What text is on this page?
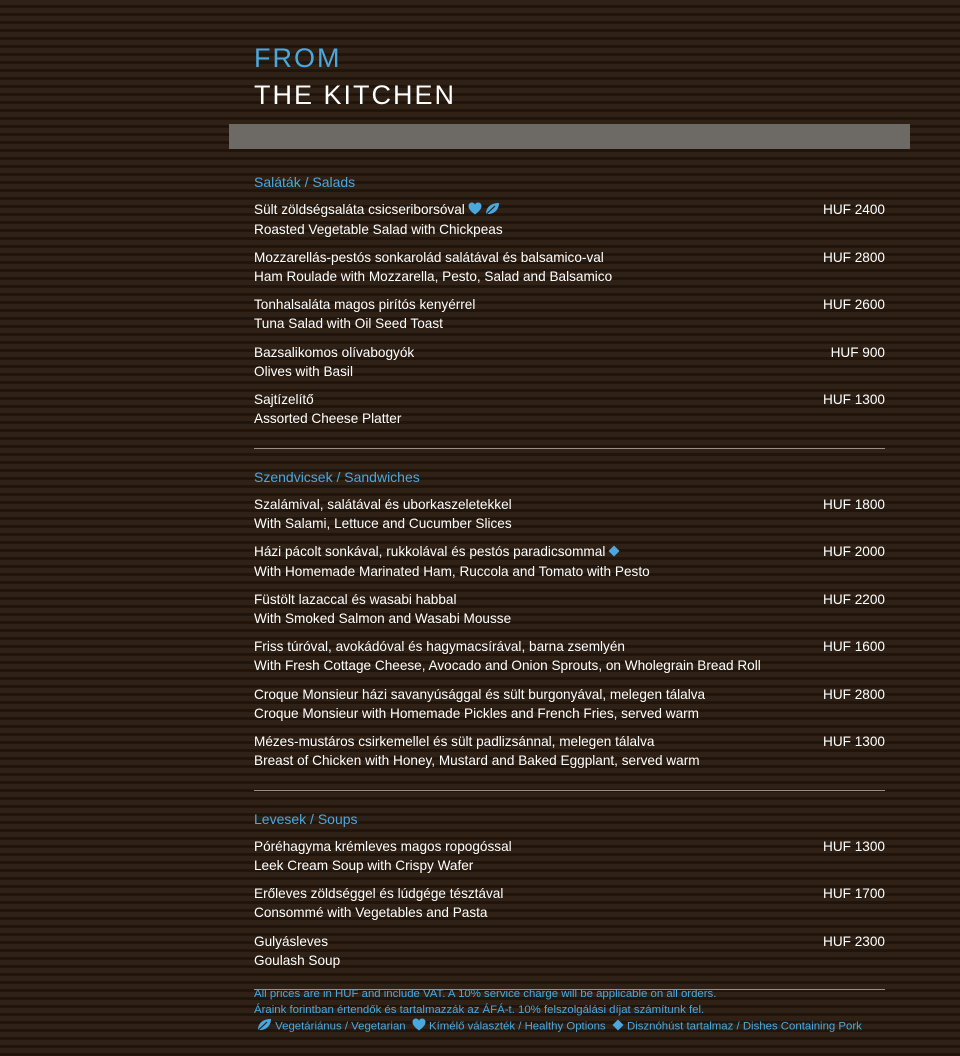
FROM
THE KITCHEN
Saláták / Salads
Sült zöldségsaláta csicseriborsóval
Roasted Vegetable Salad with Chickpeas
HUF 2400
Mozzarellás-pestós sonkarolád salátával és balsamico-val
Ham Roulade with Mozzarella, Pesto, Salad and Balsamico
HUF 2800
Tonhalsaláta magos pirítós kenyérrel
Tuna Salad with Oil Seed Toast
HUF 2600
Bazsalikomos olívabogyók
Olives with Basil
HUF 900
Sajtízelítő
Assorted Cheese Platter
HUF 1300
Szendvicsek / Sandwiches
Szalámival, salátával és uborkaszeletekkel
With Salami, Lettuce and Cucumber Slices
HUF 1800
Házi pácolt sonkával, rukkolával és pestós paradicsommal
With Homemade Marinated Ham, Ruccola and Tomato with Pesto
HUF 2000
Füstölt lazaccal és wasabi habbal
With Smoked Salmon and Wasabi Mousse
HUF 2200
Friss túróval, avokádóval és hagymacsírával, barna zsemlyén
With Fresh Cottage Cheese, Avocado and Onion Sprouts, on Wholegrain Bread Roll
HUF 1600
Croque Monsieur házi savanyúsággal és sült burgonyával, melegen tálalva
Croque Monsieur with Homemade Pickles and French Fries, served warm
HUF 2800
Mézes-mustáros csirkemellel és sült padlizsánnal, melegen tálalva
Breast of Chicken with Honey, Mustard and Baked Eggplant, served warm
HUF 1300
Levesek / Soups
Póréhagyma krémleves magos ropogóssal
Leek Cream Soup with Crispy Wafer
HUF 1300
Erőleves zöldséggel és lúdgége tésztával
Consommé with Vegetables and Pasta
HUF 1700
Gulyásleves
Goulash Soup
HUF 2300
All prices are in HUF and include VAT. A 10% service charge will be applicable on all orders.
Áraink forintban értendők és tartalmazzák az ÁFÁ-t. 10% felszolgálási díjat számítunk fel.
Vegetáriánus / Vegetarian Kímélő választék / Healthy Options Disznóhúst tartalmaz / Dishes Containing Pork
